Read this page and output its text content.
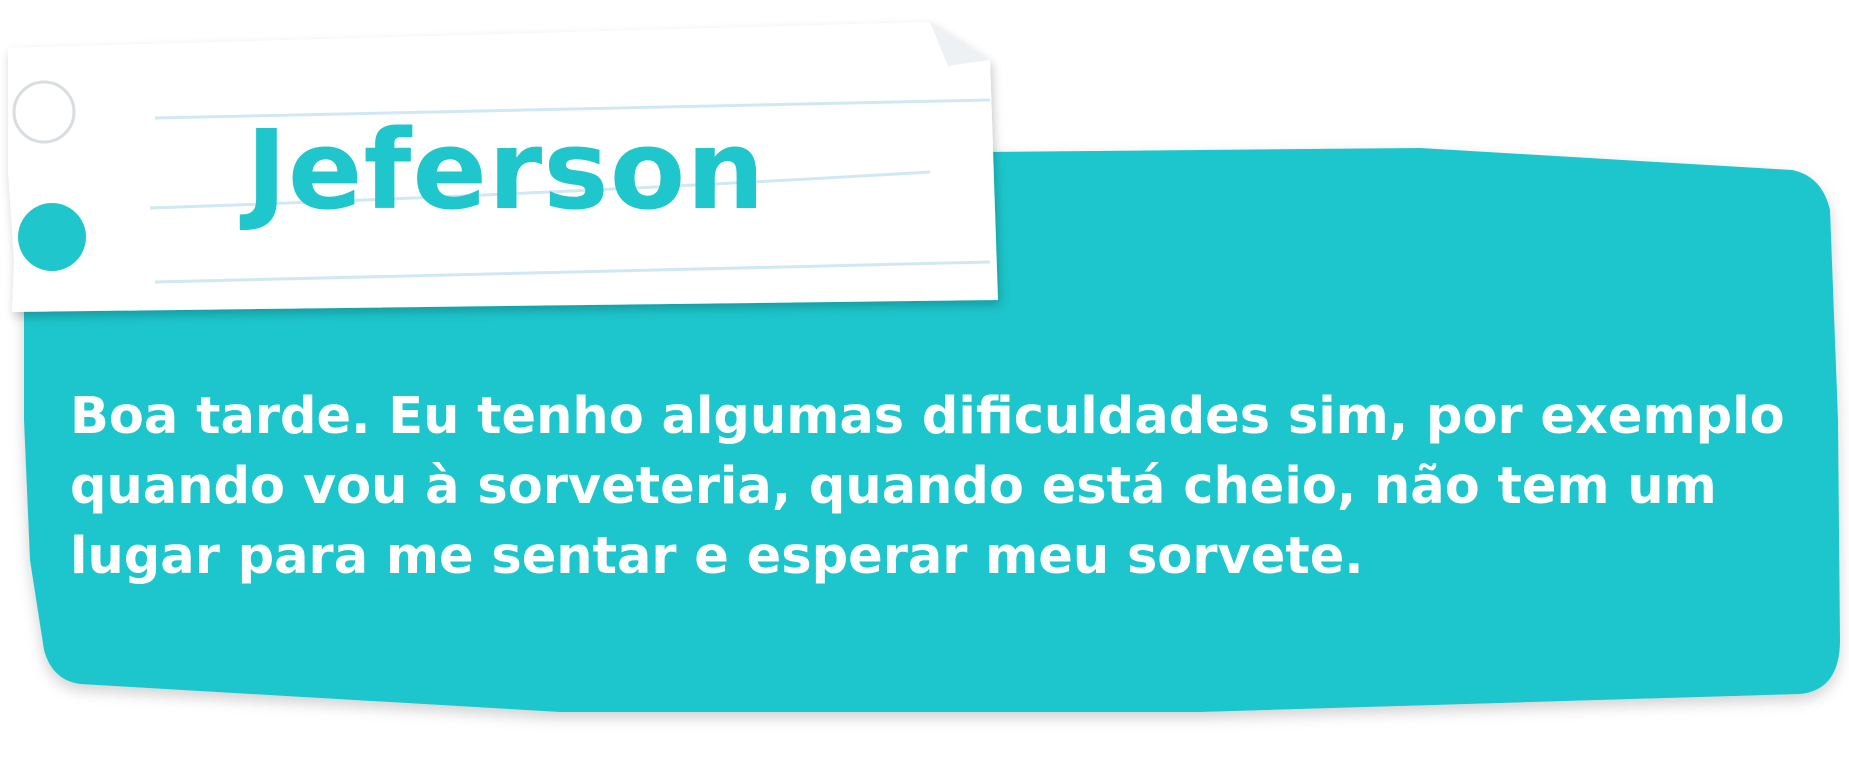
Jeferson

Boa tarde. Eu tenho algumas dificuldades sim, por exemplo
quando vou à sorveteria, quando está cheio, não tem um
lugar para me sentar e esperar meu sorvete.
